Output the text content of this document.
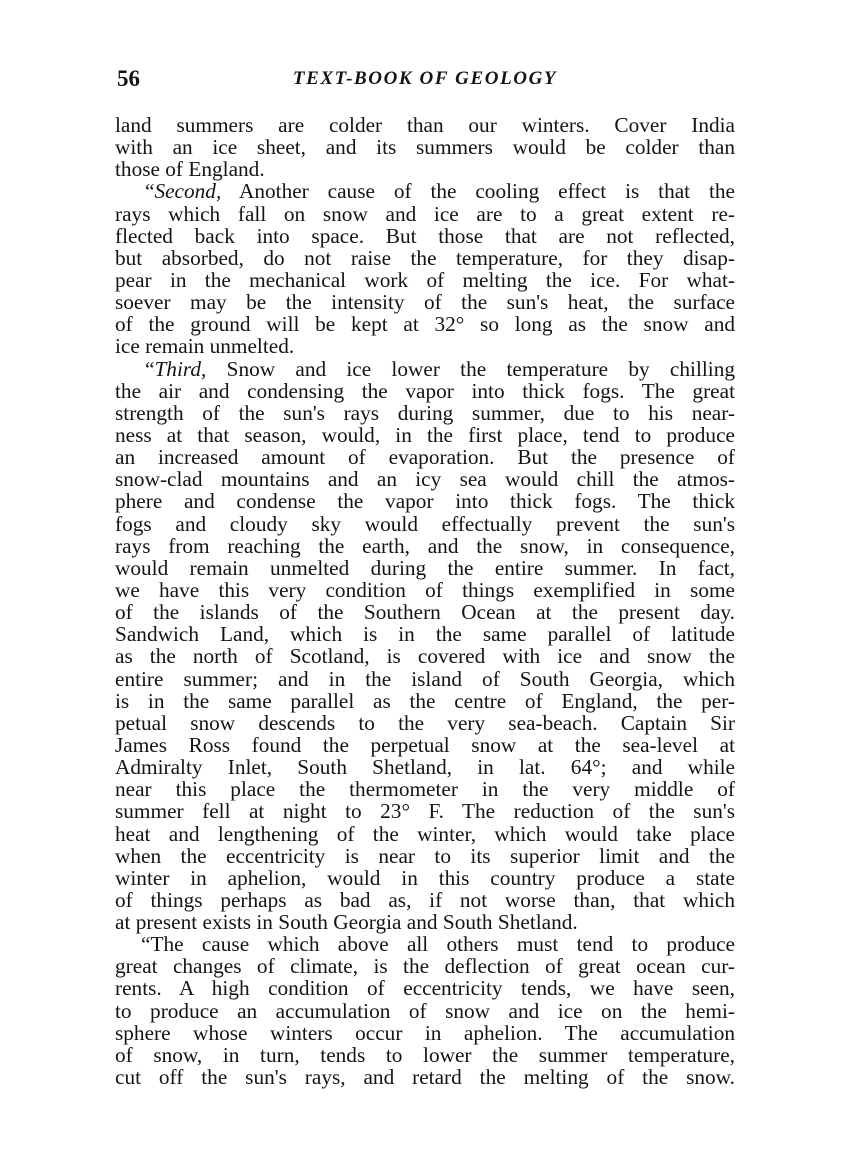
56	TEXT-BOOK OF GEOLOGY
land summers are colder than our winters. Cover India
with an ice sheet, and its summers would be colder than
those of England.
“Second, Another cause of the cooling effect is that the
rays which fall on snow and ice are to a great extent re-
flected back into space. But those that are not reflected,
but absorbed, do not raise the temperature, for they disap-
pear in the mechanical work of melting the ice. For what-
soever may be the intensity of the sun's heat, the surface
of the ground will be kept at 32° so long as the snow and
ice remain unmelted.
“Third, Snow and ice lower the temperature by chilling
the air and condensing the vapor into thick fogs. The great
strength of the sun's rays during summer, due to his near-
ness at that season, would, in the first place, tend to produce
an increased amount of evaporation. But the presence of
snow-clad mountains and an icy sea would chill the atmos-
phere and condense the vapor into thick fogs. The thick
fogs and cloudy sky would effectually prevent the sun's
rays from reaching the earth, and the snow, in consequence,
would remain unmelted during the entire summer. In fact,
we have this very condition of things exemplified in some
of the islands of the Southern Ocean at the present day.
Sandwich Land, which is in the same parallel of latitude
as the north of Scotland, is covered with ice and snow the
entire summer; and in the island of South Georgia, which
is in the same parallel as the centre of England, the per-
petual snow descends to the very sea-beach. Captain Sir
James Ross found the perpetual snow at the sea-level at
Admiralty Inlet, South Shetland, in lat. 64°; and while
near this place the thermometer in the very middle of
summer fell at night to 23° F. The reduction of the sun's
heat and lengthening of the winter, which would take place
when the eccentricity is near to its superior limit and the
winter in aphelion, would in this country produce a state
of things perhaps as bad as, if not worse than, that which
at present exists in South Georgia and South Shetland.
“The cause which above all others must tend to produce
great changes of climate, is the deflection of great ocean cur-
rents. A high condition of eccentricity tends, we have seen,
to produce an accumulation of snow and ice on the hemi-
sphere whose winters occur in aphelion. The accumulation
of snow, in turn, tends to lower the summer temperature,
cut off the sun's rays, and retard the melting of the snow.
